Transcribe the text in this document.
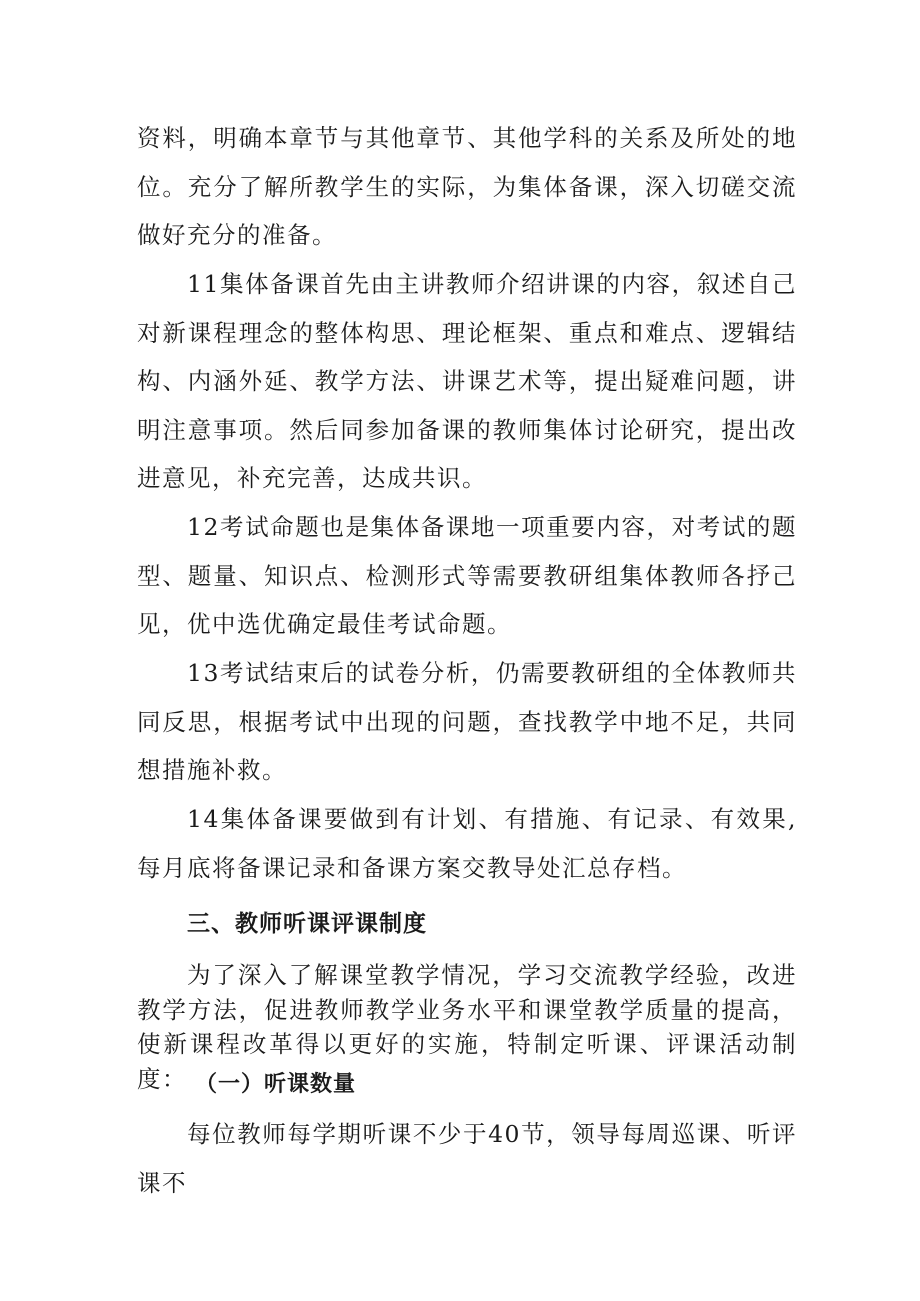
资料，明确本章节与其他章节、其他学科的关系及所处的地位。充分了解所教学生的实际，为集体备课，深入切磋交流做好充分的准备。

11集体备课首先由主讲教师介绍讲课的内容，叙述自己对新课程理念的整体构思、理论框架、重点和难点、逻辑结构、内涵外延、教学方法、讲课艺术等，提出疑难问题，讲明注意事项。然后同参加备课的教师集体讨论研究，提出改进意见，补充完善，达成共识。

12考试命题也是集体备课地一项重要内容，对考试的题型、题量、知识点、检测形式等需要教研组集体教师各抒己见，优中选优确定最佳考试命题。

13考试结束后的试卷分析，仍需要教研组的全体教师共同反思，根据考试中出现的问题，查找教学中地不足，共同想措施补救。

14集体备课要做到有计划、有措施、有记录、有效果,每月底将备课记录和备课方案交教导处汇总存档。

三、教师听课评课制度

为了深入了解课堂教学情况，学习交流教学经验，改进教学方法，促进教师教学业务水平和课堂教学质量的提高，使新课程改革得以更好的实施，特制定听课、评课活动制度： （一）听课数量

每位教师每学期听课不少于40节，领导每周巡课、听评课不
